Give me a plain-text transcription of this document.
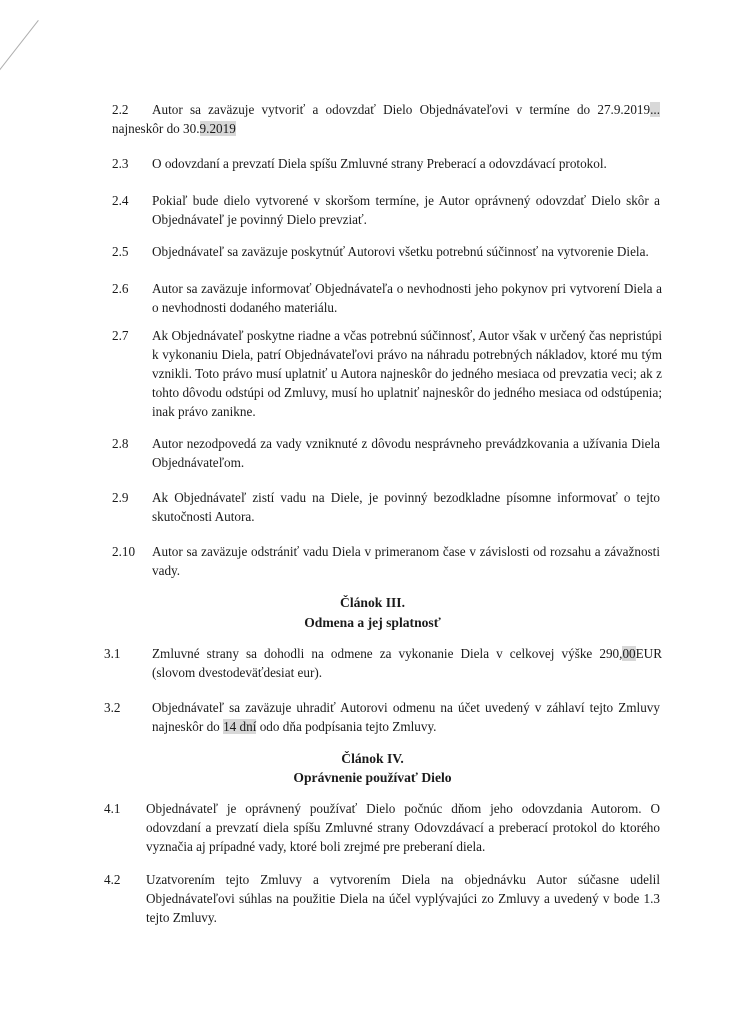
2.2	Autor sa zaväzuje vytvoriť a odovzdať Dielo Objednávateľovi v termíne do 27.9.2019... najneskôr do 30.9.2019
2.3	O odovzdaní a prevzatí Diela spíšu Zmluvné strany Preberací a odovzdávací protokol.
2.4	Pokiaľ bude dielo vytvorené v skoršom termíne, je Autor oprávnený odovzdať Dielo skôr a Objednávateľ je povinný Dielo prevziať.
2.5	Objednávateľ sa zaväzuje poskytnúť Autorovi všetku potrebnú súčinnosť na vytvorenie Diela.
2.6	Autor sa zaväzuje informovať Objednávateľa o nevhodnosti jeho pokynov pri vytvorení Diela a o nevhodnosti dodaného materiálu.
2.7	Ak Objednávateľ poskytne riadne a včas potrebnú súčinnosť, Autor však v určený čas nepristúpi k vykonaniu Diela, patrí Objednávateľovi právo na náhradu potrebných nákladov, ktoré mu tým vznikli. Toto právo musí uplatniť u Autora najneskôr do jedného mesiaca od prevzatia veci; ak z tohto dôvodu odstúpi od Zmluvy, musí ho uplatniť najneskôr do jedného mesiaca od odstúpenia; inak právo zanikne.
2.8	Autor nezodpovedá za vady vzniknuté z dôvodu nesprávneho prevádzkovania a užívania Diela Objednávateľom.
2.9	Ak Objednávateľ zistí vadu na Diele, je povinný bezodkladne písomne informovať o tejto skutočnosti Autora.
2.10	Autor sa zaväzuje odstrániť vadu Diela v primeranom čase v závislosti od rozsahu a závažnosti vady.
Článok III.
Odmena a jej splatnosť
3.1	Zmluvné strany sa dohodli na odmene za vykonanie Diela v celkovej výške 290,00EUR (slovom dvestodeväťdesiat eur).
3.2	Objednávateľ sa zaväzuje uhradiť Autorovi odmenu na účet uvedený v záhlaví tejto Zmluvy najneskôr do 14 dní odo dňa podpísania tejto Zmluvy.
Článok IV.
Oprávnenie používať Dielo
4.1	Objednávateľ je oprávnený používať Dielo počnúc dňom jeho odovzdania Autorom. O odovzdaní a prevzatí diela spíšu Zmluvné strany Odovzdávací a preberací protokol do ktorého vyznačia aj prípadné vady, ktoré boli zrejmé pre preberaní diela.
4.2	Uzatvorením tejto Zmluvy a vytvorením Diela na objednávku Autor súčasne udelil Objednávateľovi súhlas na použitie Diela na účel vyplývajúci zo Zmluvy a uvedený v bode 1.3 tejto Zmluvy.
